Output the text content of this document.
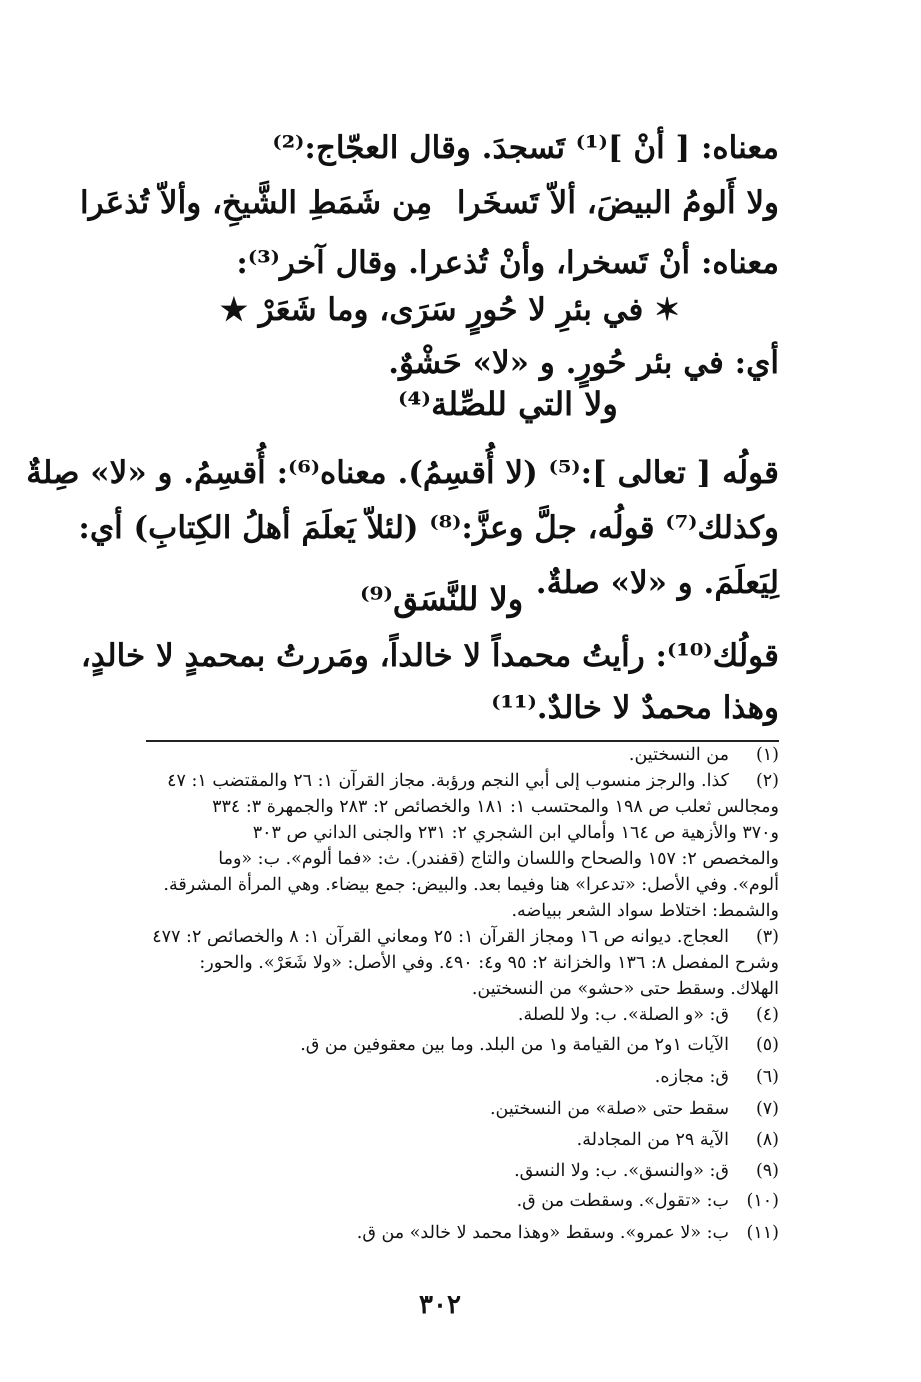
معناه: [ أنْ ]⁽¹⁾ تَسجدَ. وقال العجّاج:⁽²⁾
ولا أَلومُ البيضَ، ألاّ تَسخَرا
مِن شَمَطِ الشَّيخِ، وألاّ تُذعَرا
معناه: أنْ تَسخرا، وأنْ تُذعرا. وقال آخر⁽³⁾:
✶ في بئرِ لا حُورٍ سَرَى، وما شَعَرْ ★
أي: في بئر حُورٍ. و «لا» حَشْوٌ.
ولا التي للصِّلة⁽⁴⁾
قولُه [ تعالى ]:⁽⁵⁾ (لا أُقسِمُ). معناه⁽⁶⁾: أُقسِمُ. و «لا» صِلةٌ
وكذلك⁽⁷⁾ قولُه، جلَّ وعزَّ:⁽⁸⁾ (لئلاّ يَعلَمَ أهلُ الكِتابِ) أي:
لِيَعلَمَ. و «لا» صلةٌ.
ولا للنَّسَق⁽⁹⁾
قولُك⁽¹⁰⁾: رأيتُ محمداً لا خالداً، ومَررتُ بمحمدٍ لا خالدٍ،
وهذا محمدٌ لا خالدٌ.⁽¹¹⁾
(١)
من النسختين.
(٢)
كذا. والرجز منسوب إلى أبي النجم ورؤبة. مجاز القرآن ١: ٢٦ والمقتضب ١: ٤٧
ومجالس ثعلب ص ١٩٨ والمحتسب ١: ١٨١ والخصائص ٢: ٢٨٣ والجمهرة ٣: ٣٣٤
و٣٧٠ والأزهية ص ١٦٤ وأمالي ابن الشجري ٢: ٢٣١ والجنى الداني ص ٣٠٣
والمخصص ٢: ١٥٧ والصحاح واللسان والتاج (قفندر). ث: «فما ألوم». ب: «وما
ألوم». وفي الأصل: «تدعرا» هنا وفيما بعد. والبيض: جمع بيضاء. وهي المرأة المشرقة.
والشمط: اختلاط سواد الشعر ببياضه.
(٣)
العجاج. ديوانه ص ١٦ ومجاز القرآن ١: ٢٥ ومعاني القرآن ١: ٨ والخصائص ٢: ٤٧٧
وشرح المفصل ٨: ١٣٦ والخزانة ٢: ٩٥ و٤: ٤٩٠. وفي الأصل: «ولا شَعَرْ». والحور:
الهلاك. وسقط حتى «حشو» من النسختين.
(٤)
ق: «و الصلة». ب: ولا للصلة.
(٥)
الآيات ١و٢ من القيامة و١ من البلد. وما بين معقوفين من ق.
(٦)
ق: مجازه.
(٧)
سقط حتى «صلة» من النسختين.
(٨)
الآية ٢٩ من المجادلة.
(٩)
ق: «والنسق». ب: ولا النسق.
(١٠)
ب: «تقول». وسقطت من ق.
(١١)
ب: «لا عمرو». وسقط «وهذا محمد لا خالد» من ق.
٣٠٢
